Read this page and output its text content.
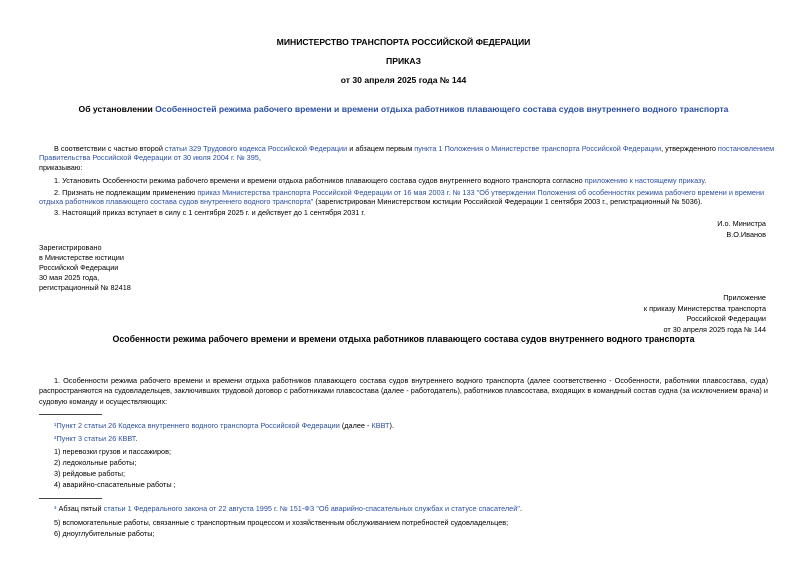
МИНИСТЕРСТВО ТРАНСПОРТА РОССИЙСКОЙ ФЕДЕРАЦИИ
ПРИКАЗ
от 30 апреля 2025 года № 144
Об установлении Особенностей режима рабочего времени и времени отдыха работников плавающего состава судов внутреннего водного транспорта
В соответствии с частью второй статьи 329 Трудового кодекса Российской Федерации и абзацем первым пункта 1 Положения о Министерстве транспорта Российской Федерации, утвержденного постановлением
Правительства Российской Федерации от 30 июля 2004 г. № 395,
приказываю:
1. Установить Особенности режима рабочего времени и времени отдыха работников плавающего состава судов внутреннего водного транспорта согласно приложению к настоящему приказу.
2. Признать не подлежащим применению приказ Министерства транспорта Российской Федерации от 16 мая 2003 г. № 133 "Об утверждении Положения об особенностях режима рабочего времени и времени
отдыха работников плавающего состава судов внутреннего водного транспорта" (зарегистрирован Министерством юстиции Российской Федерации 1 сентября 2003 г., регистрационный № 5036).
3. Настоящий приказ вступает в силу с 1 сентября 2025 г. и действует до 1 сентября 2031 г.
И.о. Министра
В.О.Иванов
Зарегистрировано
в Министерстве юстиции
Российской Федерации
30 мая 2025 года,
регистрационный № 82418
Приложение
к приказу Министерства транспорта
Российской Федерации
от 30 апреля 2025 года № 144
Особенности режима рабочего времени и времени отдыха работников плавающего состава судов внутреннего водного транспорта
1. Особенности режима рабочего времени и времени отдыха работников плавающего состава судов внутреннего водного транспорта (далее соответственно - Особенности, работники плавсостава, суда)
распространяются на судовладельцев, заключивших трудовой договор с работниками плавсостава (далее - работодатель), работников плавсостава, входящих в командный состав судна (за исключением врача) и
судовую команду и осуществляющих:
¹Пункт 2 статьи 26 Кодекса внутреннего водного транспорта Российской Федерации (далее - КВВТ).
²Пункт 3 статьи 26 КВВТ.
1) перевозки грузов и пассажиров;
2) ледокольные работы;
3) рейдовые работы;
4) аварийно-спасательные работы ;
³ Абзац пятый статьи 1 Федерального закона от 22 августа 1995 г. № 151-ФЗ "Об аварийно-спасательных службах и статусе спасателей".
5) вспомогательные работы, связанные с транспортным процессом и хозяйственным обслуживанием потребностей судовладельцев;
6) дноуглубительные работы;
